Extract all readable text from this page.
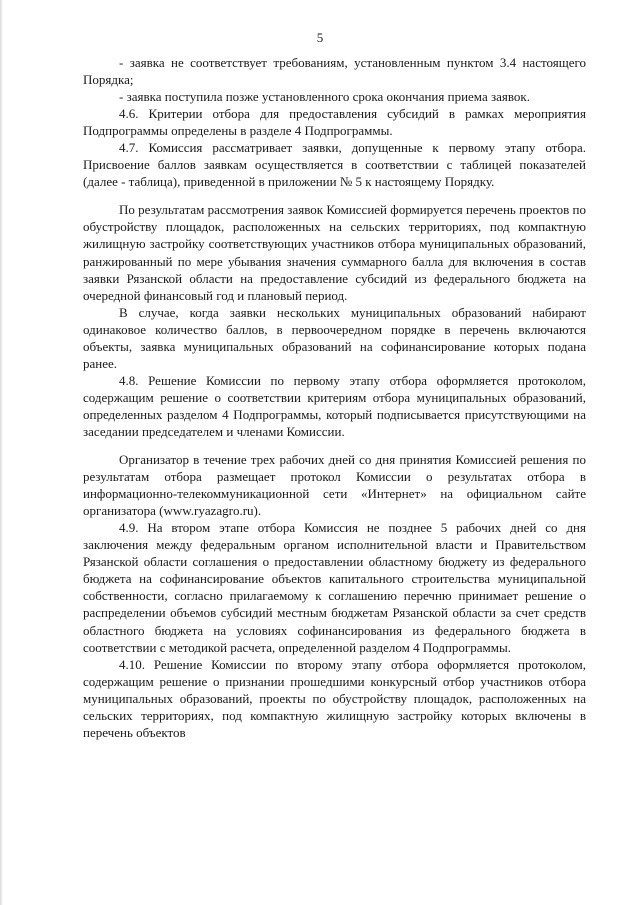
5

- заявка не соответствует требованиям, установленным пунктом 3.4 настоящего Порядка;

- заявка поступила позже установленного срока окончания приема заявок.

4.6. Критерии отбора для предоставления субсидий в рамках мероприятия Подпрограммы определены в разделе 4 Подпрограммы.

4.7. Комиссия рассматривает заявки, допущенные к первому этапу отбора. Присвоение баллов заявкам осуществляется в соответствии с таблицей показателей (далее - таблица), приведенной в приложении № 5 к настоящему Порядку.

По результатам рассмотрения заявок Комиссией формируется перечень проектов по обустройству площадок, расположенных на сельских территориях, под компактную жилищную застройку соответствующих участников отбора муниципальных образований, ранжированный по мере убывания значения суммарного балла для включения в состав заявки Рязанской области на предоставление субсидий из федерального бюджета на очередной финансовый год и плановый период.

В случае, когда заявки нескольких муниципальных образований набирают одинаковое количество баллов, в первоочередном порядке в перечень включаются объекты, заявка муниципальных образований на софинансирование которых подана ранее.

4.8. Решение Комиссии по первому этапу отбора оформляется протоколом, содержащим решение о соответствии критериям отбора муниципальных образований, определенных разделом 4 Подпрограммы, который подписывается присутствующими на заседании председателем и членами Комиссии.

Организатор в течение трех рабочих дней со дня принятия Комиссией решения по результатам отбора размещает протокол Комиссии о результатах отбора в информационно-телекоммуникационной сети «Интернет» на официальном сайте организатора (www.ryazagro.ru).

4.9. На втором этапе отбора Комиссия не позднее 5 рабочих дней со дня заключения между федеральным органом исполнительной власти и Правительством Рязанской области соглашения о предоставлении областному бюджету из федерального бюджета на софинансирование объектов капитального строительства муниципальной собственности, согласно прилагаемому к соглашению перечню принимает решение о распределении объемов субсидий местным бюджетам Рязанской области за счет средств областного бюджета на условиях софинансирования из федерального бюджета в соответствии с методикой расчета, определенной разделом 4 Подпрограммы.

4.10. Решение Комиссии по второму этапу отбора оформляется протоколом, содержащим решение о признании прошедшими конкурсный отбор участников отбора муниципальных образований, проекты по обустройству площадок, расположенных на сельских территориях, под компактную жилищную застройку которых включены в перечень объектов
